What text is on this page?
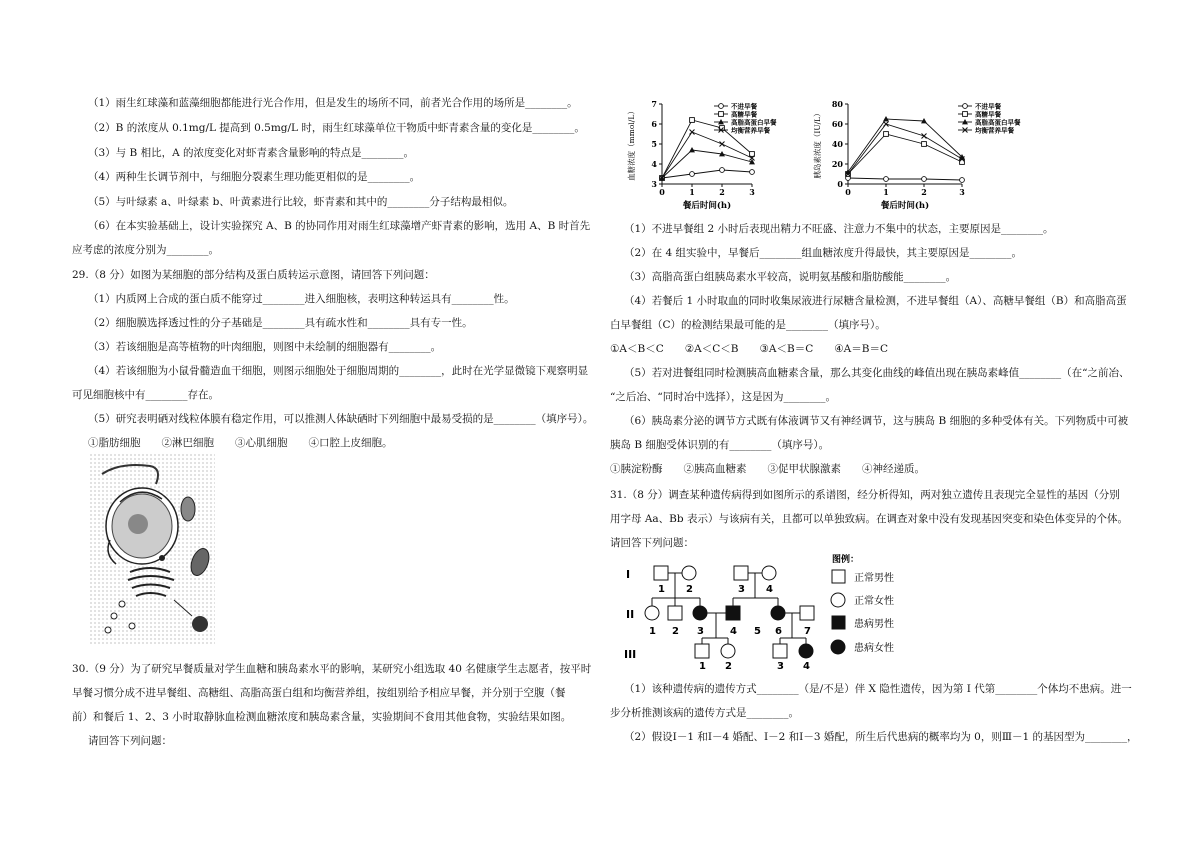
（1）雨生红球藻和蓝藻细胞都能进行光合作用，但是发生的场所不同，前者光合作用的场所是________。
（2）B 的浓度从 0.1mg/L 提高到 0.5mg/L 时，雨生红球藻单位干物质中虾青素含量的变化是________。
（3）与 B 相比，A 的浓度变化对虾青素含量影响的特点是________。
（4）两种生长调节剂中，与细胞分裂素生理功能更相似的是________。
（5）与叶绿素 a、叶绿素 b、叶黄素进行比较，虾青素和其中的________分子结构最相似。
（6）在本实验基础上，设计实验探究 A、B 的协同作用对雨生红球藻增产虾青素的影响，选用 A、B 时首先
应考虑的浓度分别为________。
29.（8 分）如图为某细胞的部分结构及蛋白质转运示意图，请回答下列问题：
（1）内质网上合成的蛋白质不能穿过________进入细胞核，表明这种转运具有________性。
（2）细胞膜选择透过性的分子基础是________具有疏水性和________具有专一性。
（3）若该细胞是高等植物的叶肉细胞，则图中未绘制的细胞器有________。
（4）若该细胞为小鼠骨髓造血干细胞，则图示细胞处于细胞周期的________，此时在光学显微镜下观察明显
可见细胞核中有________存在。
（5）研究表明硒对线粒体膜有稳定作用，可以推测人体缺硒时下列细胞中最易受损的是________（填序号）。
①脂肪细胞　　②淋巴细胞　　③心肌细胞　　④口腔上皮细胞。
30.（9 分）为了研究早餐质量对学生血糖和胰岛素水平的影响，某研究小组选取 40 名健康学生志愿者，按平时
早餐习惯分成不进早餐组、高糖组、高脂高蛋白组和均衡营养组，按组别给予相应早餐，并分别于空腹（餐
前）和餐后 1、2、3 小时取静脉血检测血糖浓度和胰岛素含量，实验期间不食用其他食物，实验结果如图。
请回答下列问题：
3
4
5
6
7
0	1	2	3
餐后时间(h)
血糖浓度（mmol/L）
不进早餐
高糖早餐
高脂高蛋白早餐
均衡营养早餐
0
20
40
60
80
0	1	2	3
餐后时间(h)
胰岛素浓度（IU/L）
不进早餐
高糖早餐
高脂高蛋白早餐
均衡营养早餐
（1）不进早餐组 2 小时后表现出精力不旺盛、注意力不集中的状态，主要原因是________。
（2）在 4 组实验中，早餐后________组血糖浓度升得最快，其主要原因是________。
（3）高脂高蛋白组胰岛素水平较高，说明氨基酸和脂肪酸能________。
（4）若餐后 1 小时取血的同时收集尿液进行尿糖含量检测，不进早餐组（A）、高糖早餐组（B）和高脂高蛋
白早餐组（C）的检测结果最可能的是________（填序号）。
①A＜B＜C　　②A＜C＜B　　③A＜B＝C　　④A＝B＝C
（5）若对进餐组同时检测胰高血糖素含量，那么其变化曲线的峰值出现在胰岛素峰值________（在“之前冶、
“之后冶、“同时冶中选择），这是因为________。
（6）胰岛素分泌的调节方式既有体液调节又有神经调节，这与胰岛 B 细胞的多种受体有关。下列物质中可被
胰岛 B 细胞受体识别的有________（填序号）。
①胰淀粉酶　　②胰高血糖素　　③促甲状腺激素　　④神经递质。
31.（8 分）调查某种遗传病得到如图所示的系谱图，经分析得知，两对独立遗传且表现完全显性的基因（分别
用字母 Aa、Bb 表示）与该病有关，且都可以单独致病。在调查对象中没有发现基因突变和染色体变异的个体。
请回答下列问题：
（1）该种遗传病的遗传方式________（是/不是）伴 X 隐性遗传，因为第 I 代第________个体均不患病。进一
步分析推测该病的遗传方式是________。
（2）假设Ⅰ－1 和Ⅰ－4 婚配、Ⅰ－2 和Ⅰ－3 婚配，所生后代患病的概率均为 0，则Ⅲ－1 的基因型为________，
I
II
III
1 2	3 4
1 2 3	4 5 6 7
1 2	3 4
图例：
正常男性
正常女性
患病男性
患病女性
